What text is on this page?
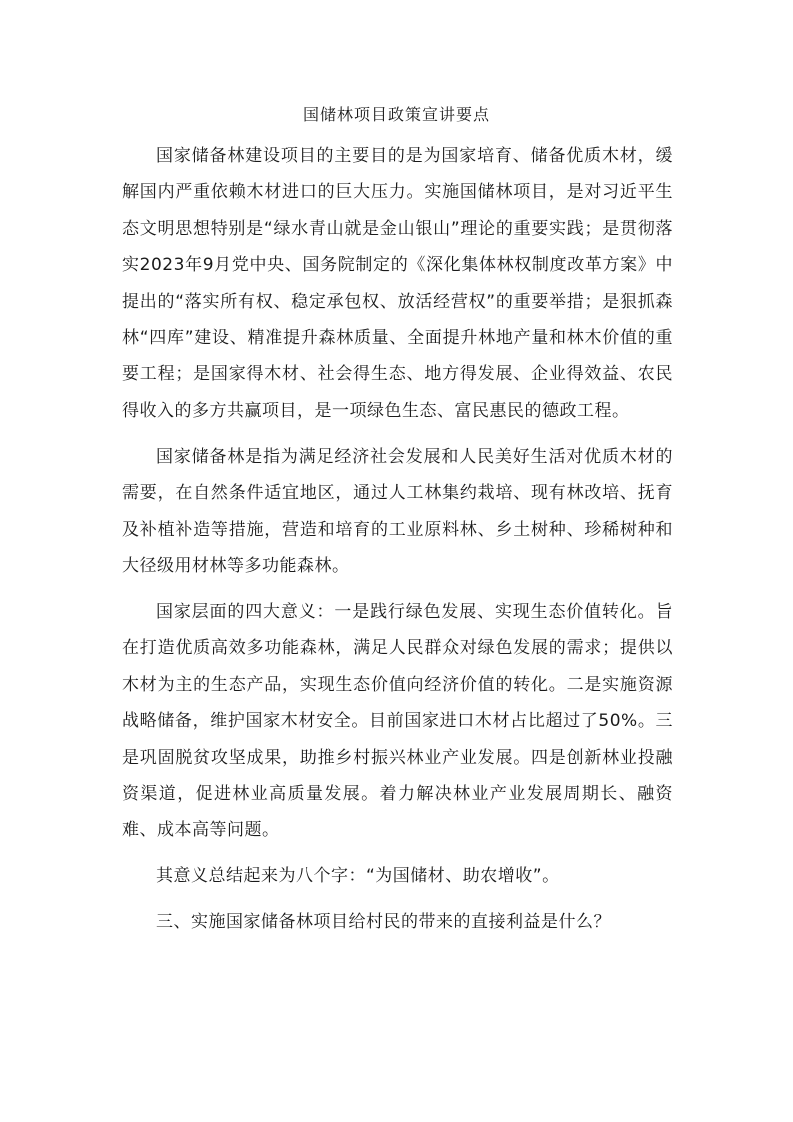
国储林项目政策宣讲要点

国家储备林建设项目的主要目的是为国家培育、储备优质木材，缓解国内严重依赖木材进口的巨大压力。实施国储林项目，是对习近平生态文明思想特别是“绿水青山就是金山银山”理论的重要实践；是贯彻落实2023年9月党中央、国务院制定的《深化集体林权制度改革方案》中提出的“落实所有权、稳定承包权、放活经营权”的重要举措；是狠抓森林“四库”建设、精准提升森林质量、全面提升林地产量和林木价值的重要工程；是国家得木材、社会得生态、地方得发展、企业得效益、农民得收入的多方共赢项目，是一项绿色生态、富民惠民的德政工程。

国家储备林是指为满足经济社会发展和人民美好生活对优质木材的需要，在自然条件适宜地区，通过人工林集约栽培、现有林改培、抚育及补植补造等措施，营造和培育的工业原料林、乡土树种、珍稀树种和大径级用材林等多功能森林。

国家层面的四大意义：一是践行绿色发展、实现生态价值转化。旨在打造优质高效多功能森林，满足人民群众对绿色发展的需求；提供以木材为主的生态产品，实现生态价值向经济价值的转化。二是实施资源战略储备，维护国家木材安全。目前国家进口木材占比超过了50%。三是巩固脱贫攻坚成果，助推乡村振兴林业产业发展。四是创新林业投融资渠道，促进林业高质量发展。着力解决林业产业发展周期长、融资难、成本高等问题。

其意义总结起来为八个字：“为国储材、助农增收”。

三、实施国家储备林项目给村民的带来的直接利益是什么？
